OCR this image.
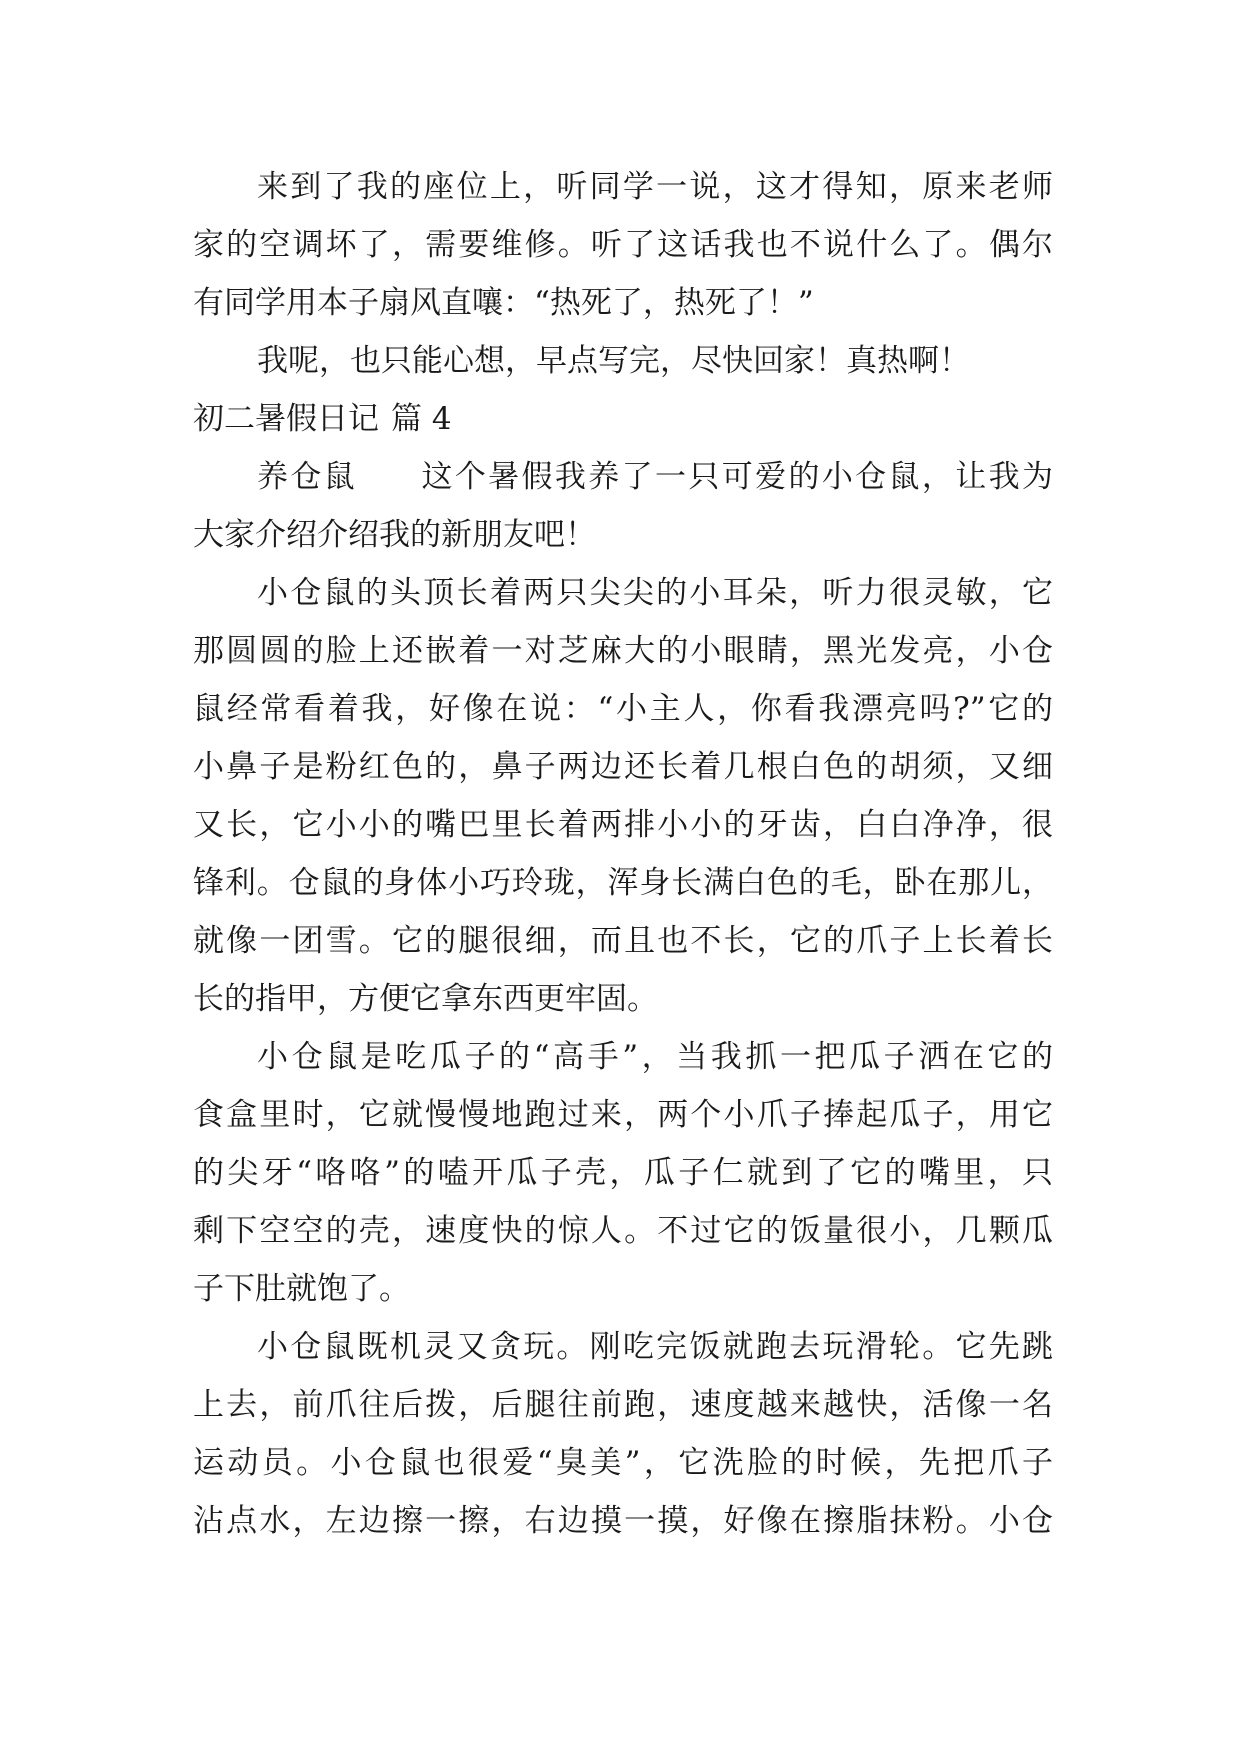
来到了我的座位上，听同学一说，这才得知，原来老师
家的空调坏了，需要维修。听了这话我也不说什么了。偶尔
有同学用本子扇风直嚷：“热死了，热死了！”
我呢，也只能心想，早点写完，尽快回家！真热啊！
初二暑假日记 篇 4
养仓鼠 这个暑假我养了一只可爱的小仓鼠，让我为
大家介绍介绍我的新朋友吧！
小仓鼠的头顶长着两只尖尖的小耳朵，听力很灵敏，它
那圆圆的脸上还嵌着一对芝麻大的小眼睛，黑光发亮，小仓
鼠经常看着我，好像在说：“小主人，你看我漂亮吗?”它的
小鼻子是粉红色的，鼻子两边还长着几根白色的胡须，又细
又长，它小小的嘴巴里长着两排小小的牙齿，白白净净，很
锋利。仓鼠的身体小巧玲珑，浑身长满白色的毛，卧在那儿，
就像一团雪。它的腿很细，而且也不长，它的爪子上长着长
长的指甲，方便它拿东西更牢固。
小仓鼠是吃瓜子的“高手”，当我抓一把瓜子洒在它的
食盒里时，它就慢慢地跑过来，两个小爪子捧起瓜子，用它
的尖牙“咯咯”的嗑开瓜子壳，瓜子仁就到了它的嘴里，只
剩下空空的壳，速度快的惊人。不过它的饭量很小，几颗瓜
子下肚就饱了。
小仓鼠既机灵又贪玩。刚吃完饭就跑去玩滑轮。它先跳
上去，前爪往后拨，后腿往前跑，速度越来越快，活像一名
运动员。小仓鼠也很爱“臭美”，它洗脸的时候，先把爪子
沾点水，左边擦一擦，右边摸一摸，好像在擦脂抹粉。小仓
